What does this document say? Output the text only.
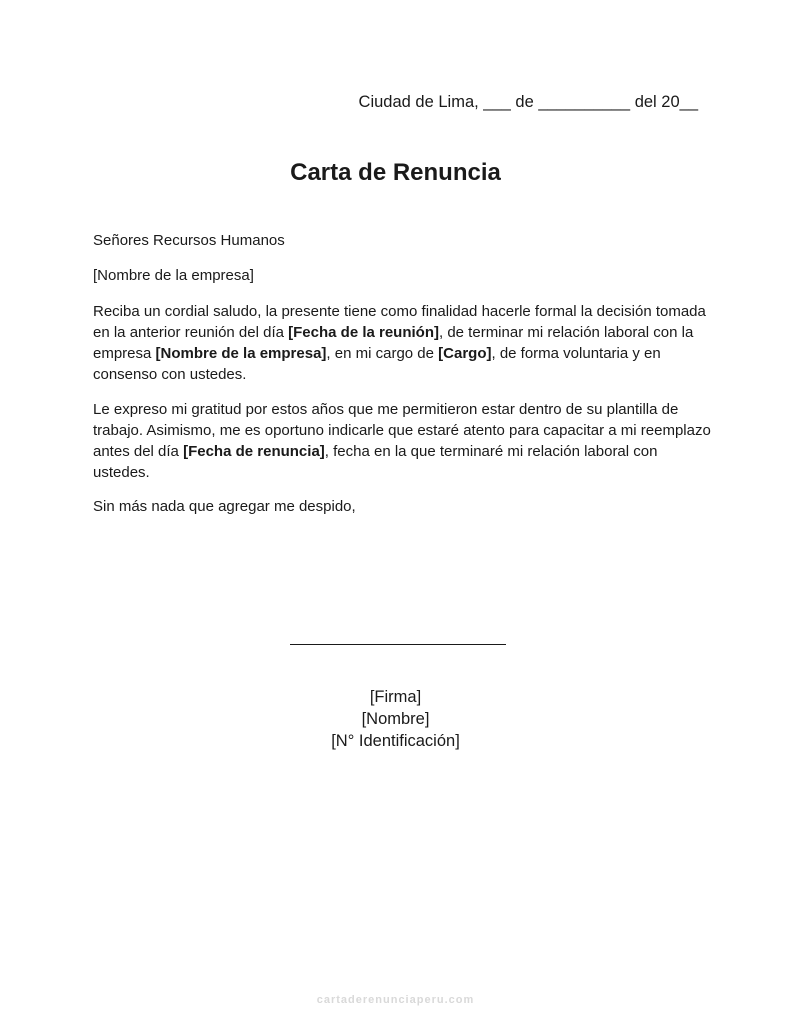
Ciudad de Lima, ___ de __________ del 20__
Carta de Renuncia
Señores Recursos Humanos
[Nombre de la empresa]
Reciba un cordial saludo, la presente tiene como finalidad hacerle formal la decisión tomada en la anterior reunión del día [Fecha de la reunión], de terminar mi relación laboral con la empresa [Nombre de la empresa], en mi cargo de [Cargo], de forma voluntaria y en consenso con ustedes.
Le expreso mi gratitud por estos años que me permitieron estar dentro de su plantilla de trabajo. Asimismo, me es oportuno indicarle que estaré atento para capacitar a mi reemplazo antes del día [Fecha de renuncia], fecha en la que terminaré mi relación laboral con ustedes.
Sin más nada que agregar me despido,
[Firma]
[Nombre]
[N° Identificación]
cartaderenunciaperu.com
